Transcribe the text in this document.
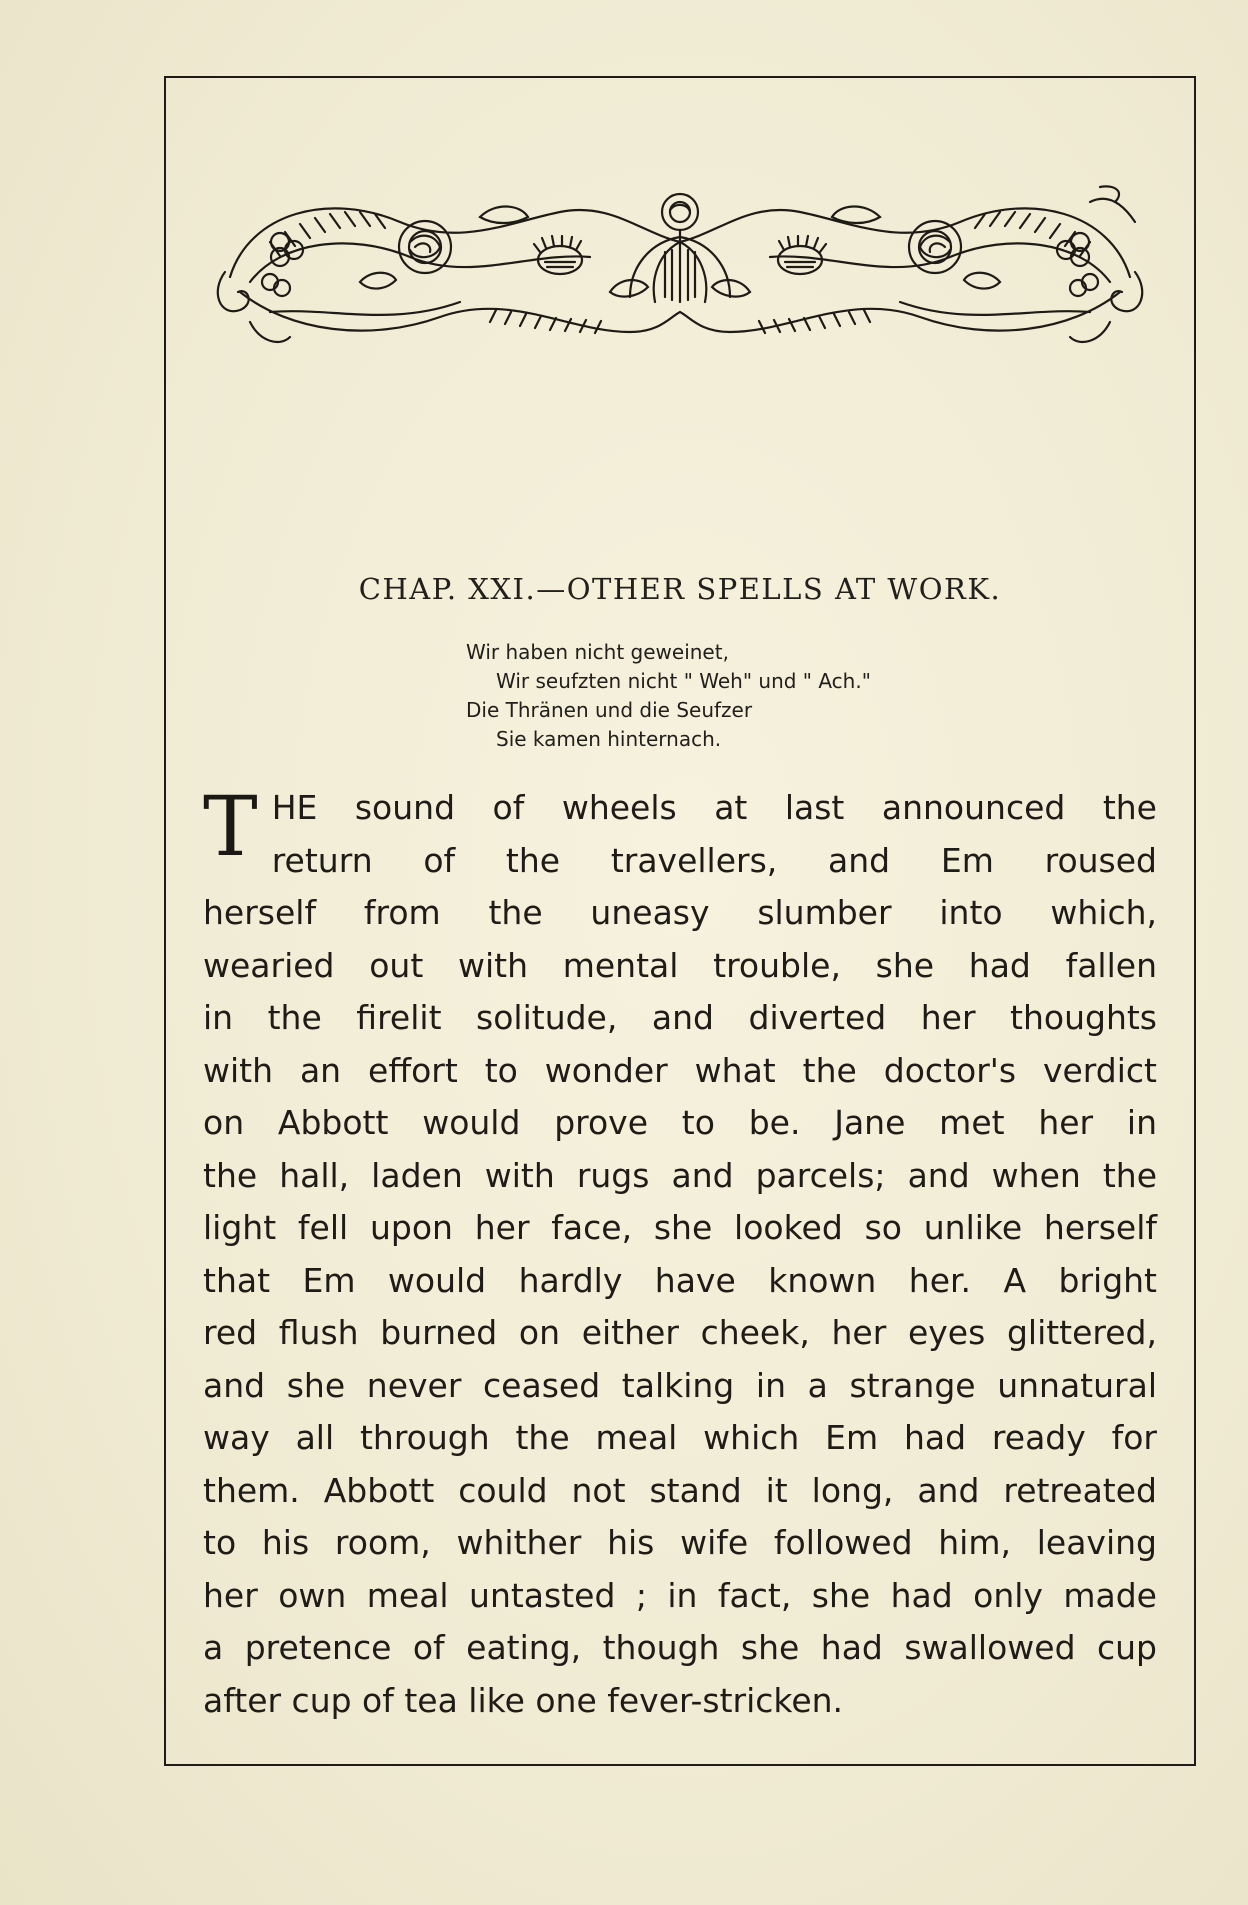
CHAP. XXI.—OTHER SPELLS AT WORK.
Wir haben nicht geweinet,
Wir seufzten nicht " Weh" und " Ach."
Die Thränen und die Seufzer
Sie kamen hinternach.
T HE sound of wheels at last announced the
return of the travellers, and Em roused
herself from the uneasy slumber into which,
wearied out with mental trouble, she had fallen
in the firelit solitude, and diverted her thoughts
with an effort to wonder what the doctor's verdict
on Abbott would prove to be. Jane met her in
the hall, laden with rugs and parcels; and when the
light fell upon her face, she looked so unlike herself
that Em would hardly have known her. A bright
red flush burned on either cheek, her eyes glittered,
and she never ceased talking in a strange unnatural
way all through the meal which Em had ready for
them. Abbott could not stand it long, and retreated
to his room, whither his wife followed him, leaving
her own meal untasted ; in fact, she had only made
a pretence of eating, though she had swallowed cup
after cup of tea like one fever-stricken.
